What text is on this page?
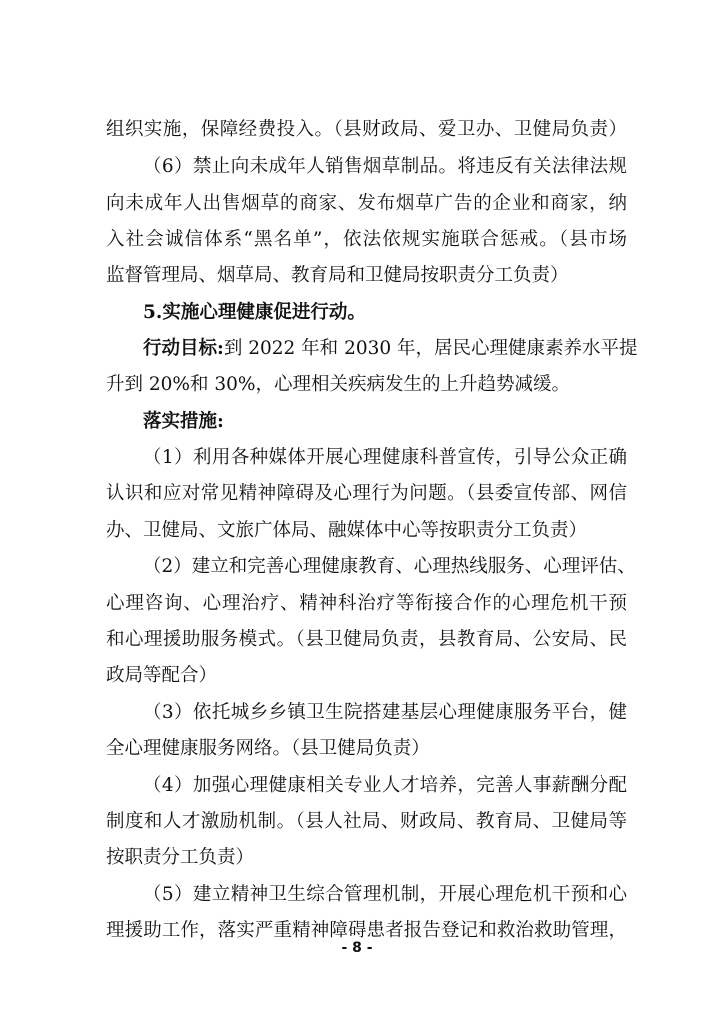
组织实施，保障经费投入。（县财政局、爱卫办、卫健局负责）
（6）禁止向未成年人销售烟草制品。将违反有关法律法规
向未成年人出售烟草的商家、发布烟草广告的企业和商家，纳
入社会诚信体系“黑名单”，依法依规实施联合惩戒。（县市场
监督管理局、烟草局、教育局和卫健局按职责分工负责）
5.实施心理健康促进行动。
行动目标:到 2022 年和 2030 年，居民心理健康素养水平提
升到 20%和 30%，心理相关疾病发生的上升趋势减缓。
落实措施:
（1）利用各种媒体开展心理健康科普宣传，引导公众正确
认识和应对常见精神障碍及心理行为问题。（县委宣传部、网信
办、卫健局、文旅广体局、融媒体中心等按职责分工负责）
（2）建立和完善心理健康教育、心理热线服务、心理评估、
心理咨询、心理治疗、精神科治疗等衔接合作的心理危机干预
和心理援助服务模式。（县卫健局负责，县教育局、公安局、民
政局等配合）
（3）依托城乡乡镇卫生院搭建基层心理健康服务平台，健
全心理健康服务网络。（县卫健局负责）
（4）加强心理健康相关专业人才培养，完善人事薪酬分配
制度和人才激励机制。（县人社局、财政局、教育局、卫健局等
按职责分工负责）
（5）建立精神卫生综合管理机制，开展心理危机干预和心
理援助工作，落实严重精神障碍患者报告登记和救治救助管理，
- 8 -
